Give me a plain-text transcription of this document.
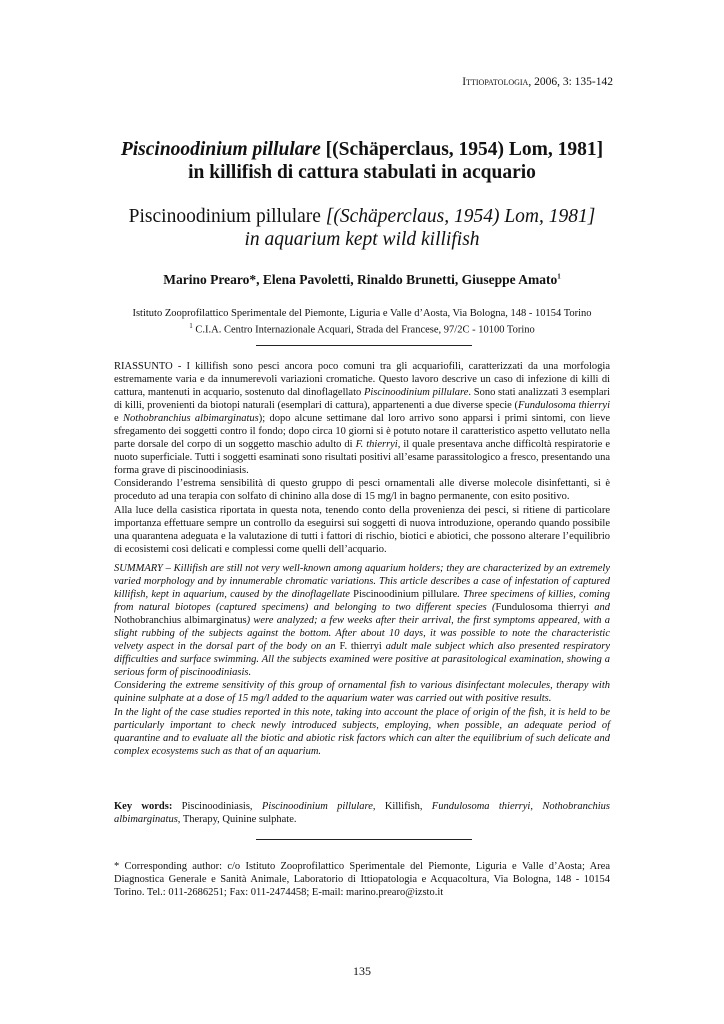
Ittiopatologia, 2006, 3: 135-142
Piscinoodinium pillulare [(Schäperclaus, 1954) Lom, 1981]
in killifish di cattura stabulati in acquario
Piscinoodinium pillulare [(Schäperclaus, 1954) Lom, 1981]
in aquarium kept wild killifish
Marino Prearo*, Elena Pavoletti, Rinaldo Brunetti, Giuseppe Amato$^1$
Istituto Zooprofilattico Sperimentale del Piemonte, Liguria e Valle d’Aosta, Via Bologna, 148 - 10154 Torino
$^1$ C.I.A. Centro Internazionale Acquari, Strada del Francese, 97/2C - 10100 Torino

RIASSUNTO - I killifish sono pesci ancora poco comuni tra gli acquariofili, caratterizzati da una morfologia estremamente varia e da innumerevoli variazioni cromatiche. Questo lavoro descrive un caso di infezione di killi di cattura, mantenuti in acquario, sostenuto dal dinoflagellato Piscinoodinium pillulare. Sono stati analizzati 3 esemplari di killi, provenienti da biotopi naturali (esemplari di cattura), appartenenti a due diverse specie (Fundulosoma thierryi e Nothobranchius albimarginatus); dopo alcune settimane dal loro arrivo sono apparsi i primi sintomi, con lieve sfregamento dei soggetti contro il fondo; dopo circa 10 giorni si è potuto notare il caratteristico aspetto vellutato nella parte dorsale del corpo di un soggetto maschio adulto di F. thierryi, il quale presentava anche difficoltà respiratorie e nuoto superficiale. Tutti i soggetti esaminati sono risultati positivi all’esame parassitologico a fresco, presentando una forma grave di piscinoodiniasis.

Considerando l’estrema sensibilità di questo gruppo di pesci ornamentali alle diverse molecole disinfettanti, si è proceduto ad una terapia con solfato di chinino alla dose di 15 mg/l in bagno permanente, con esito positivo.

Alla luce della casistica riportata in questa nota, tenendo conto della provenienza dei pesci, si ritiene di particolare importanza effettuare sempre un controllo da eseguirsi sui soggetti di nuova introduzione, operando quando possibile una quarantena adeguata e la valutazione di tutti i fattori di rischio, biotici e abiotici, che possono alterare l’equilibrio di ecosistemi così delicati e complessi come quelli dell’acquario.

SUMMARY – Killifish are still not very well-known among aquarium holders; they are characterized by an extremely varied morphology and by innumerable chromatic variations. This article describes a case of infestation of captured killifish, kept in aquarium, caused by the dinoflagellate Piscinoodinium pillulare. Three specimens of killies, coming from natural biotopes (captured specimens) and belonging to two different species (Fundulosoma thierryi and Nothobranchius albimarginatus) were analyzed; a few weeks after their arrival, the first symptoms appeared, with a slight rubbing of the subjects against the bottom. After about 10 days, it was possible to note the characteristic velvety aspect in the dorsal part of the body on an F. thierryi adult male subject which also presented respiratory difficulties and surface swimming. All the subjects examined were positive at parasitological examination, showing a serious form of piscinoodiniasis.

Considering the extreme sensitivity of this group of ornamental fish to various disinfectant molecules, therapy with quinine sulphate at a dose of 15 mg/l added to the aquarium water was carried out with positive results.

In the light of the case studies reported in this note, taking into account the place of origin of the fish, it is held to be particularly important to check newly introduced subjects, employing, when possible, an adequate period of quarantine and to evaluate all the biotic and abiotic risk factors which can alter the equilibrium of such delicate and complex ecosystems such as that of an aquarium.

Key words: Piscinoodiniasis, Piscinoodinium pillulare, Killifish, Fundulosoma thierryi, Nothobranchius albimarginatus, Therapy, Quinine sulphate.
* Corresponding author: c/o Istituto Zooprofilattico Sperimentale del Piemonte, Liguria e Valle d’Aosta; Area Diagnostica Generale e Sanità Animale, Laboratorio di Ittiopatologia e Acquacoltura, Via Bologna, 148 - 10154 Torino. Tel.: 011-2686251; Fax: 011-2474458; E-mail: marino.prearo@izsto.it
135
